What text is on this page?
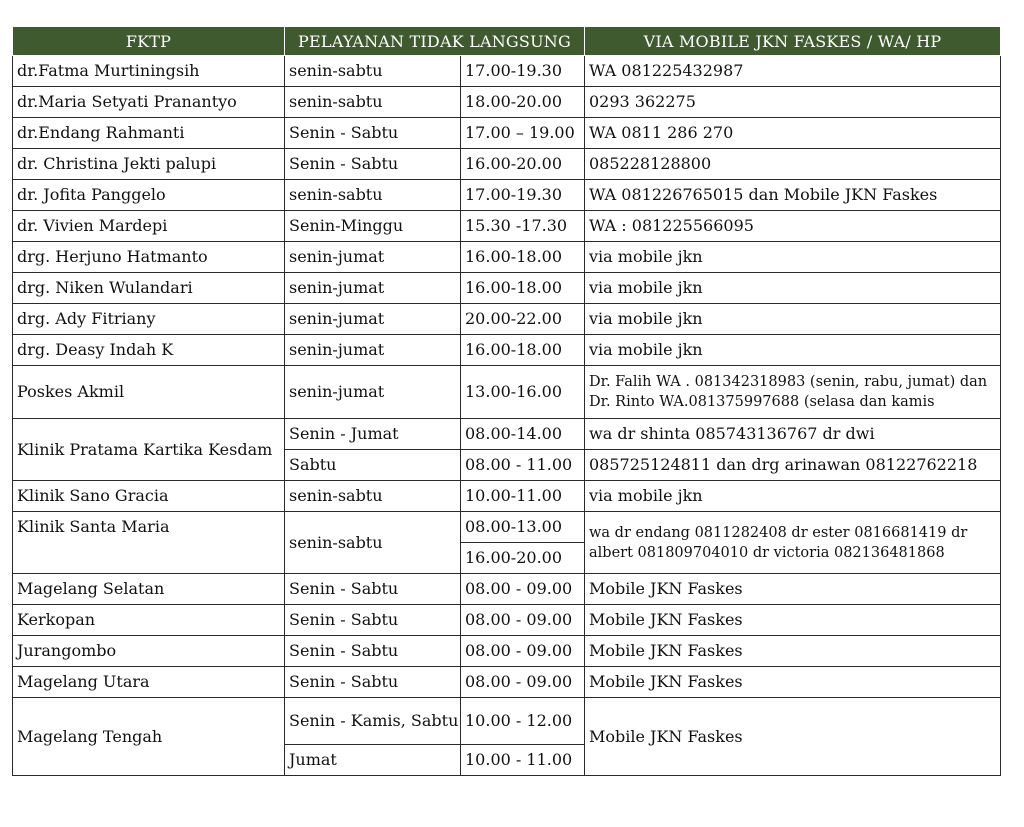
FKTP	PELAYANAN TIDAK LANGSUNG		VIA MOBILE JKN FASKES / WA/ HP
dr.Fatma Murtiningsih	senin-sabtu	17.00-19.30	WA 081225432987
dr.Maria Setyati Pranantyo	senin-sabtu	18.00-20.00	0293 362275
dr.Endang Rahmanti	Senin - Sabtu	17.00 – 19.00	WA 0811 286 270
dr. Christina Jekti palupi	Senin - Sabtu	16.00-20.00	085228128800
dr. Jofita Panggelo	senin-sabtu	17.00-19.30	WA 081226765015 dan Mobile JKN Faskes
dr. Vivien Mardepi	Senin-Minggu	15.30 -17.30	WA : 081225566095
drg. Herjuno Hatmanto	senin-jumat	16.00-18.00	via mobile jkn
drg. Niken Wulandari	senin-jumat	16.00-18.00	via mobile jkn
drg. Ady Fitriany	senin-jumat	20.00-22.00	via mobile jkn
drg. Deasy Indah K	senin-jumat	16.00-18.00	via mobile jkn
Poskes Akmil	senin-jumat	13.00-16.00	Dr. Falih WA . 081342318983 (senin, rabu, jumat) dan Dr. Rinto WA.081375997688 (selasa dan kamis
Klinik Pratama Kartika Kesdam	Senin - Jumat	08.00-14.00	wa dr shinta 085743136767 dr dwi
	Sabtu	08.00 - 11.00	085725124811 dan drg arinawan 08122762218
Klinik Sano Gracia	senin-sabtu	10.00-11.00	via mobile jkn
Klinik Santa Maria	senin-sabtu	08.00-13.00	wa dr endang 0811282408 dr ester 0816681419 dr albert 081809704010 dr victoria 082136481868
		16.00-20.00	
Magelang Selatan	Senin - Sabtu	08.00 - 09.00	Mobile JKN Faskes
Kerkopan	Senin - Sabtu	08.00 - 09.00	Mobile JKN Faskes
Jurangombo	Senin - Sabtu	08.00 - 09.00	Mobile JKN Faskes
Magelang Utara	Senin - Sabtu	08.00 - 09.00	Mobile JKN Faskes
Magelang Tengah	Senin - Kamis, Sabtu	10.00 - 12.00	Mobile JKN Faskes
	Jumat	10.00 - 11.00	
